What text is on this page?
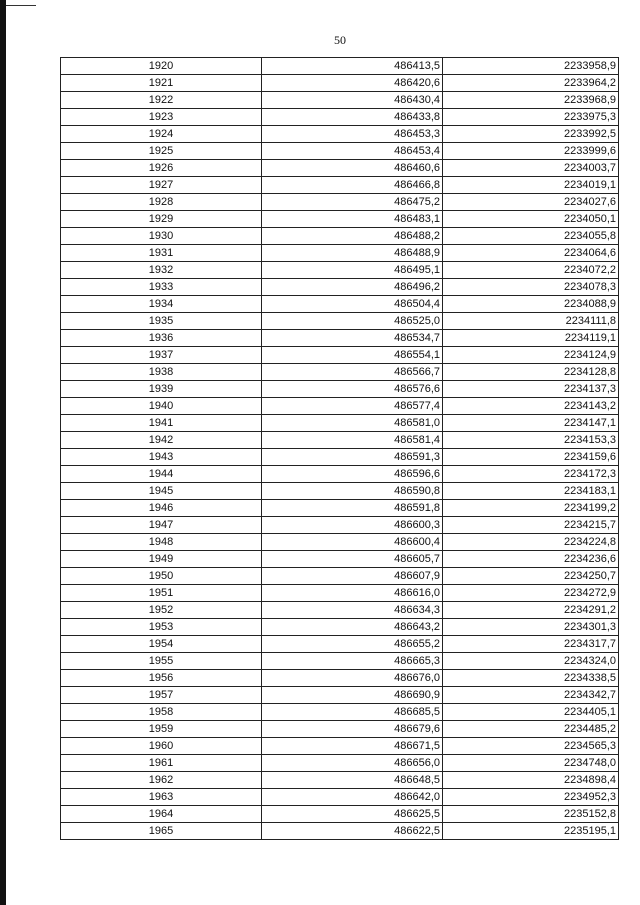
50
1920	486413,5	2233958,9
1921	486420,6	2233964,2
1922	486430,4	2233968,9
1923	486433,8	2233975,3
1924	486453,3	2233992,5
1925	486453,4	2233999,6
1926	486460,6	2234003,7
1927	486466,8	2234019,1
1928	486475,2	2234027,6
1929	486483,1	2234050,1
1930	486488,2	2234055,8
1931	486488,9	2234064,6
1932	486495,1	2234072,2
1933	486496,2	2234078,3
1934	486504,4	2234088,9
1935	486525,0	2234111,8
1936	486534,7	2234119,1
1937	486554,1	2234124,9
1938	486566,7	2234128,8
1939	486576,6	2234137,3
1940	486577,4	2234143,2
1941	486581,0	2234147,1
1942	486581,4	2234153,3
1943	486591,3	2234159,6
1944	486596,6	2234172,3
1945	486590,8	2234183,1
1946	486591,8	2234199,2
1947	486600,3	2234215,7
1948	486600,4	2234224,8
1949	486605,7	2234236,6
1950	486607,9	2234250,7
1951	486616,0	2234272,9
1952	486634,3	2234291,2
1953	486643,2	2234301,3
1954	486655,2	2234317,7
1955	486665,3	2234324,0
1956	486676,0	2234338,5
1957	486690,9	2234342,7
1958	486685,5	2234405,1
1959	486679,6	2234485,2
1960	486671,5	2234565,3
1961	486656,0	2234748,0
1962	486648,5	2234898,4
1963	486642,0	2234952,3
1964	486625,5	2235152,8
1965	486622,5	2235195,1
